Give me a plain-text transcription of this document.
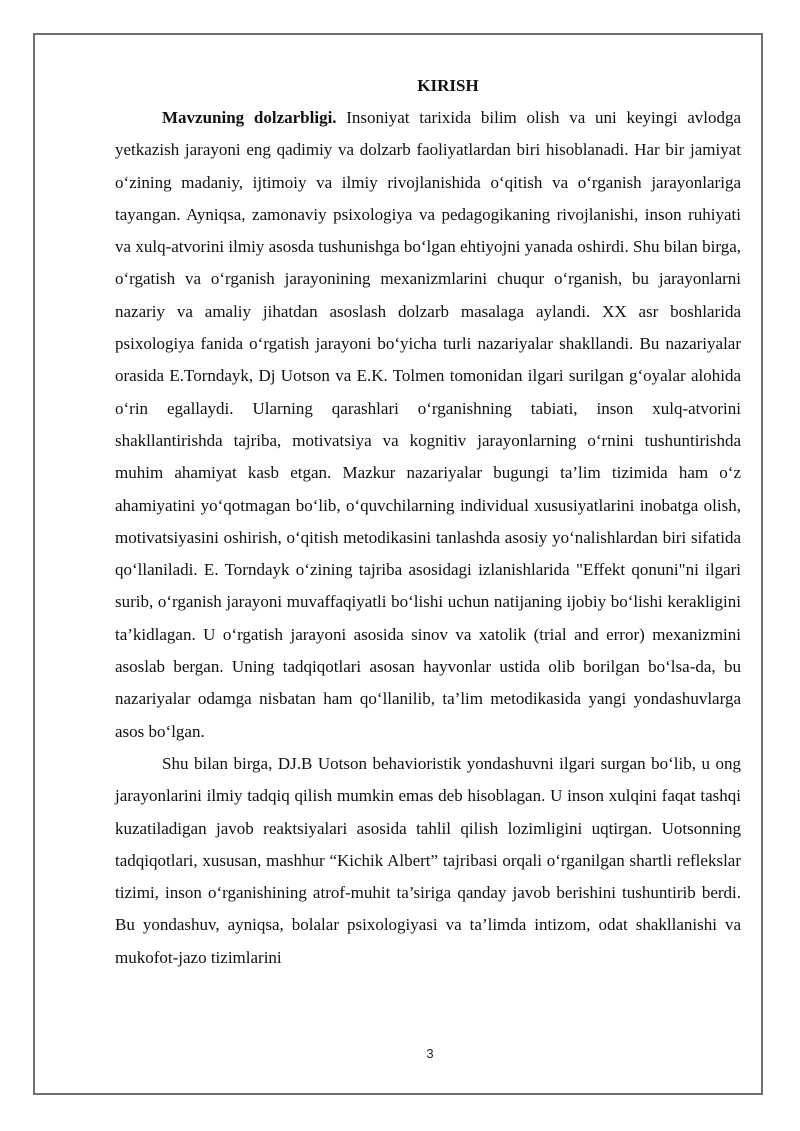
KIRISH

Mavzuning dolzarbligi. Insoniyat tarixida bilim olish va uni keyingi avlodga yetkazish jarayoni eng qadimiy va dolzarb faoliyatlardan biri hisoblanadi. Har bir jamiyat o‘zining madaniy, ijtimoiy va ilmiy rivojlanishida o‘qitish va o‘rganish jarayonlariga tayangan. Ayniqsa, zamonaviy psixologiya va pedagogikaning rivojlanishi, inson ruhiyati va xulq-atvorini ilmiy asosda tushunishga bo‘lgan ehtiyojni yanada oshirdi. Shu bilan birga, o‘rgatish va o‘rganish jarayonining mexanizmlarini chuqur o‘rganish, bu jarayonlarni nazariy va amaliy jihatdan asoslash dolzarb masalaga aylandi. XX asr boshlarida psixologiya fanida o‘rgatish jarayoni bo‘yicha turli nazariyalar shakllandi. Bu nazariyalar orasida E.Torndayk, Dj Uotson va E.K. Tolmen tomonidan ilgari surilgan g‘oyalar alohida o‘rin egallaydi. Ularning qarashlari o‘rganishning tabiati, inson xulq-atvorini shakllantirishda tajriba, motivatsiya va kognitiv jarayonlarning o‘rnini tushuntirishda muhim ahamiyat kasb etgan. Mazkur nazariyalar bugungi ta’lim tizimida ham o‘z ahamiyatini yo‘qotmagan bo‘lib, o‘quvchilarning individual xususiyatlarini inobatga olish, motivatsiyasini oshirish, o‘qitish metodikasini tanlashda asosiy yo‘nalishlardan biri sifatida qo‘llaniladi. E. Torndayk o‘zining tajriba asosidagi izlanishlarida "Effekt qonuni"ni ilgari surib, o‘rganish jarayoni muvaffaqiyatli bo‘lishi uchun natijaning ijobiy bo‘lishi kerakligini ta’kidlagan. U o‘rgatish jarayoni asosida sinov va xatolik (trial and error) mexanizmini asoslab bergan. Uning tadqiqotlari asosan hayvonlar ustida olib borilgan bo‘lsa-da, bu nazariyalar odamga nisbatan ham qo‘llanilib, ta’lim metodikasida yangi yondashuvlarga asos bo‘lgan.

Shu bilan birga, DJ.B Uotson behavioristik yondashuvni ilgari surgan bo‘lib, u ong jarayonlarini ilmiy tadqiq qilish mumkin emas deb hisoblagan. U inson xulqini faqat tashqi kuzatiladigan javob reaktsiyalari asosida tahlil qilish lozimligini uqtirgan. Uotsonning tadqiqotlari, xususan, mashhur “Kichik Albert” tajribasi orqali o‘rganilgan shartli reflekslar tizimi, inson o‘rganishining atrof-muhit ta’siriga qanday javob berishini tushuntirib berdi. Bu yondashuv, ayniqsa, bolalar psixologiyasi va ta’limda intizom, odat shakllanishi va mukofot-jazo tizimlarini

3
